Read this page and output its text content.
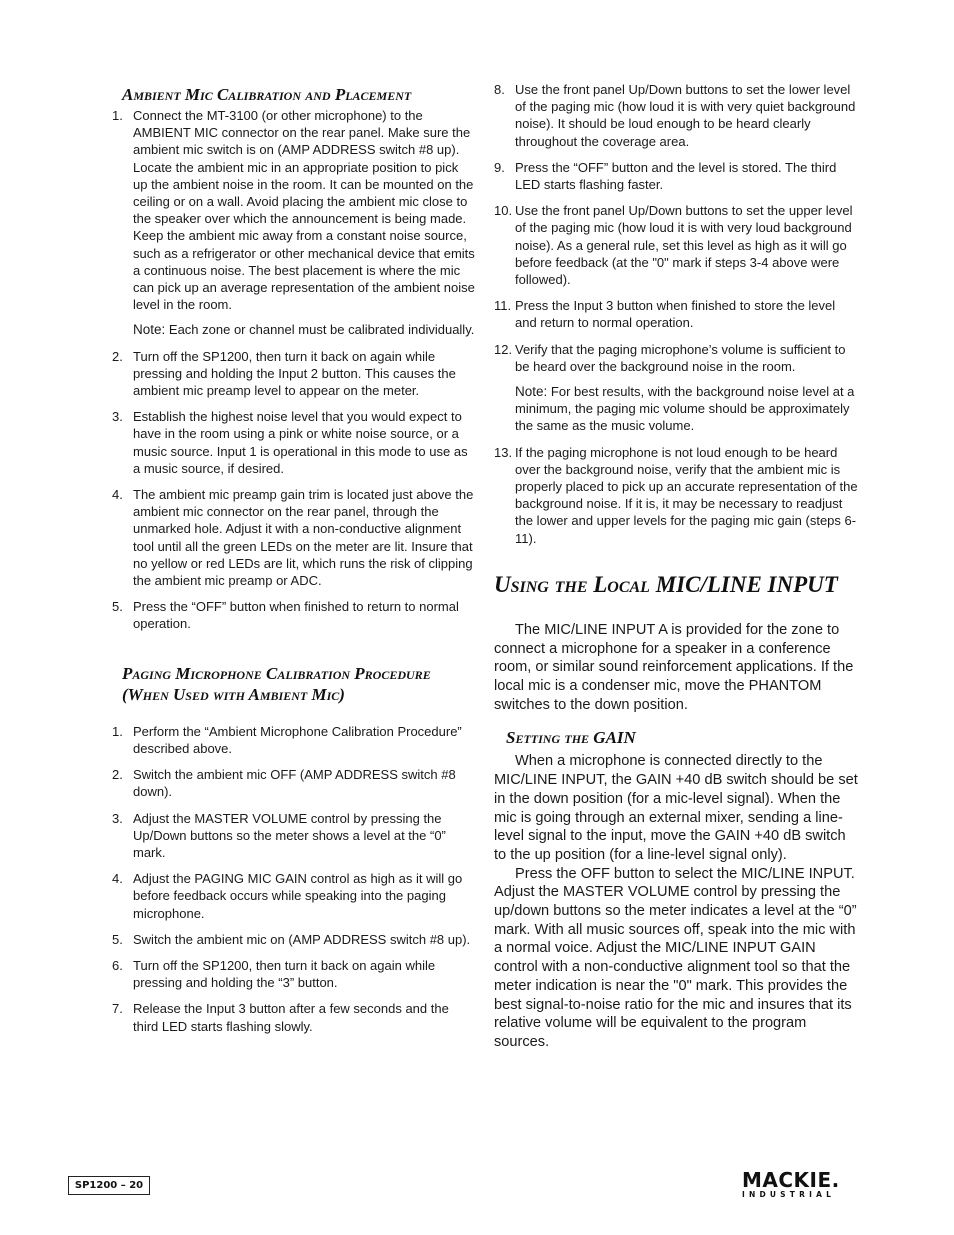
Ambient Mic Calibration and Placement
1. Connect the MT-3100 (or other microphone) to the AMBIENT MIC connector on the rear panel. Make sure the ambient mic switch is on (AMP ADDRESS switch #8 up). Locate the ambient mic in an appropriate position to pick up the ambient noise in the room. It can be mounted on the ceiling or on a wall. Avoid placing the ambient mic close to the speaker over which the announcement is being made. Keep the ambient mic away from a constant noise source, such as a refrigerator or other mechanical device that emits a continuous noise. The best placement is where the mic can pick up an average representation of the ambient noise level in the room.
Note: Each zone or channel must be calibrated individually.
2. Turn off the SP1200, then turn it back on again while pressing and holding the Input 2 button. This causes the ambient mic preamp level to appear on the meter.
3. Establish the highest noise level that you would expect to have in the room using a pink or white noise source, or a music source. Input 1 is operational in this mode to use as a music source, if desired.
4. The ambient mic preamp gain trim is located just above the ambient mic connector on the rear panel, through the unmarked hole. Adjust it with a non-conductive alignment tool until all the green LEDs on the meter are lit. Insure that no yellow or red LEDs are lit, which runs the risk of clipping the ambient mic preamp or ADC.
5. Press the “OFF” button when finished to return to normal operation.
Paging Microphone Calibration Procedure (When Used with Ambient Mic)
1. Perform the “Ambient Microphone Calibration Procedure” described above.
2. Switch the ambient mic OFF (AMP ADDRESS switch #8 down).
3. Adjust the MASTER VOLUME control by pressing the Up/Down buttons so the meter shows a level at the “0” mark.
4. Adjust the PAGING MIC GAIN control as high as it will go before feedback occurs while speaking into the paging microphone.
5. Switch the ambient mic on (AMP ADDRESS switch #8 up).
6. Turn off the SP1200, then turn it back on again while pressing and holding the “3” button.
7. Release the Input 3 button after a few seconds and the third LED starts flashing slowly.
8. Use the front panel Up/Down buttons to set the lower level of the paging mic (how loud it is with very quiet background noise). It should be loud enough to be heard clearly throughout the coverage area.
9. Press the “OFF” button and the level is stored. The third LED starts flashing faster.
10. Use the front panel Up/Down buttons to set the upper level of the paging mic (how loud it is with very loud background noise). As a general rule, set this level as high as it will go before feedback (at the "0" mark if steps 3-4 above were followed).
11. Press the Input 3 button when finished to store the level and return to normal operation.
12. Verify that the paging microphone’s volume is sufficient to be heard over the background noise in the room.
Note: For best results, with the background noise level at a minimum, the paging mic volume should be approximately the same as the music volume.
13. If the paging microphone is not loud enough to be heard over the background noise, verify that the ambient mic is properly placed to pick up an accurate representation of the background noise. If it is, it may be necessary to readjust the lower and upper levels for the paging mic gain (steps 6-11).
Using the Local MIC/LINE INPUT

The MIC/LINE INPUT A is provided for the zone to connect a microphone for a speaker in a conference room, or similar sound reinforcement applications. If the local mic is a condenser mic, move the PHANTOM switches to the down position.

Setting the GAIN

When a microphone is connected directly to the MIC/LINE INPUT, the GAIN +40 dB switch should be set in the down position (for a mic-level signal). When the mic is going through an external mixer, sending a line-level signal to the input, move the GAIN +40 dB switch to the up position (for a line-level signal only).

Press the OFF button to select the MIC/LINE INPUT. Adjust the MASTER VOLUME control by pressing the up/down buttons so the meter indicates a level at the “0” mark. With all music sources off, speak into the mic with a normal voice. Adjust the MIC/LINE INPUT GAIN control with a non-conductive alignment tool so that the meter indication is near the "0" mark. This provides the best signal-to-noise ratio for the mic and insures that its relative volume will be equivalent to the program sources.

SP1200 – 20	MACKIE.
INDUSTRIAL
